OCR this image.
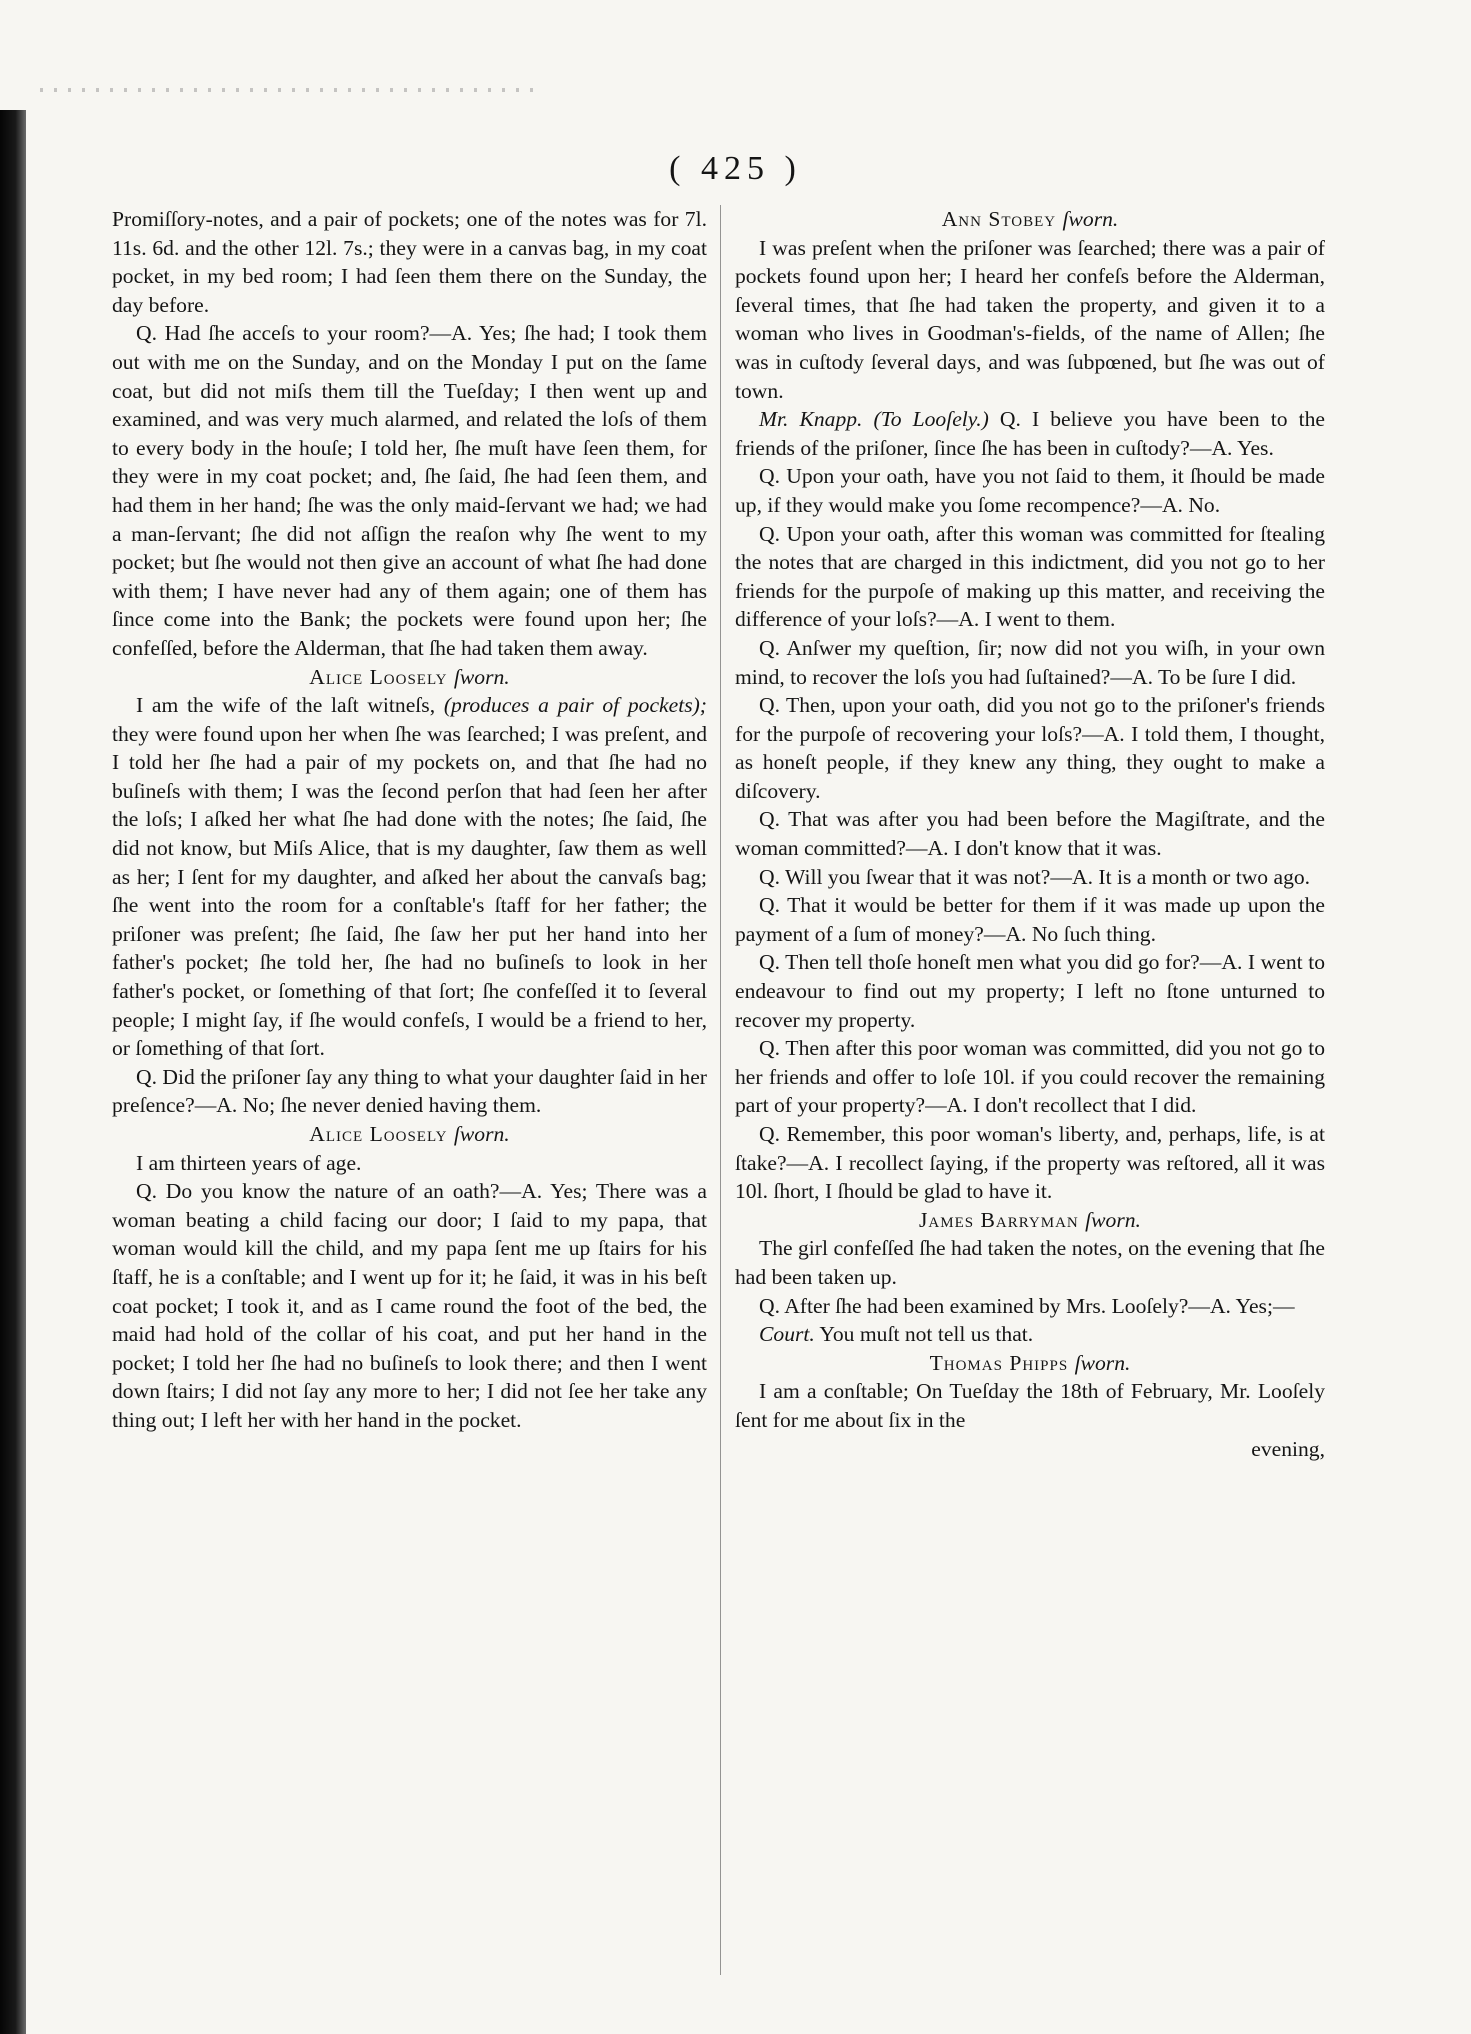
( 425 )

Promiſſory-notes, and a pair of pockets; one of the notes was for 7l. 11s. 6d. and the other 12l. 7s.; they were in a canvas bag, in my coat pocket, in my bed room; I had ſeen them there on the Sunday, the day before.

Q. Had ſhe acceſs to your room?—A. Yes; ſhe had; I took them out with me on the Sunday, and on the Monday I put on the ſame coat, but did not miſs them till the Tueſday; I then went up and examined, and was very much alarmed, and related the loſs of them to every body in the houſe; I told her, ſhe muſt have ſeen them, for they were in my coat pocket; and, ſhe ſaid, ſhe had ſeen them, and had them in her hand; ſhe was the only maid-ſervant we had; we had a man-ſervant; ſhe did not aſſign the reaſon why ſhe went to my pocket; but ſhe would not then give an account of what ſhe had done with them; I have never had any of them again; one of them has ſince come into the Bank; the pockets were found upon her; ſhe confeſſed, before the Alderman, that ſhe had taken them away.

Alice Loosely ſworn.

I am the wife of the laſt witneſs, (produces a pair of pockets); they were found upon her when ſhe was ſearched; I was preſent, and I told her ſhe had a pair of my pockets on, and that ſhe had no buſineſs with them; I was the ſecond perſon that had ſeen her after the loſs; I aſked her what ſhe had done with the notes; ſhe ſaid, ſhe did not know, but Miſs Alice, that is my daughter, ſaw them as well as her; I ſent for my daughter, and aſked her about the canvaſs bag; ſhe went into the room for a conſtable's ſtaff for her father; the priſoner was preſent; ſhe ſaid, ſhe ſaw her put her hand into her father's pocket; ſhe told her, ſhe had no buſineſs to look in her father's pocket, or ſomething of that ſort; ſhe confeſſed it to ſeveral people; I might ſay, if ſhe would confeſs, I would be a friend to her, or ſomething of that ſort.

Q. Did the priſoner ſay any thing to what your daughter ſaid in her preſence?—A. No; ſhe never denied having them.

Alice Loosely ſworn.

I am thirteen years of age.

Q. Do you know the nature of an oath?—A. Yes; There was a woman beating a child facing our door; I ſaid to my papa, that woman would kill the child, and my papa ſent me up ſtairs for his ſtaff, he is a conſtable; and I went up for it; he ſaid, it was in his beſt coat pocket; I took it, and as I came round the foot of the bed, the maid had hold of the collar of his coat, and put her hand in the pocket; I told her ſhe had no buſineſs to look there; and then I went down ſtairs; I did not ſay any more to her; I did not ſee her take any thing out; I left her with her hand in the pocket.

Ann Stobey ſworn.

I was preſent when the priſoner was ſearched; there was a pair of pockets found upon her; I heard her confeſs before the Alderman, ſeveral times, that ſhe had taken the property, and given it to a woman who lives in Goodman's-fields, of the name of Allen; ſhe was in cuſtody ſeveral days, and was ſubpœned, but ſhe was out of town.

Mr. Knapp. (To Looſely.) Q. I believe you have been to the friends of the priſoner, ſince ſhe has been in cuſtody?—A. Yes.

Q. Upon your oath, have you not ſaid to them, it ſhould be made up, if they would make you ſome recompence?—A. No.

Q. Upon your oath, after this woman was committed for ſtealing the notes that are charged in this indictment, did you not go to her friends for the purpoſe of making up this matter, and receiving the difference of your loſs?—A. I went to them.

Q. Anſwer my queſtion, ſir; now did not you wiſh, in your own mind, to recover the loſs you had ſuſtained?—A. To be ſure I did.

Q. Then, upon your oath, did you not go to the priſoner's friends for the purpoſe of recovering your loſs?—A. I told them, I thought, as honeſt people, if they knew any thing, they ought to make a diſcovery.

Q. That was after you had been before the Magiſtrate, and the woman committed?—A. I don't know that it was.

Q. Will you ſwear that it was not?—A. It is a month or two ago.

Q. That it would be better for them if it was made up upon the payment of a ſum of money?—A. No ſuch thing.

Q. Then tell thoſe honeſt men what you did go for?—A. I went to endeavour to find out my property; I left no ſtone unturned to recover my property.

Q. Then after this poor woman was committed, did you not go to her friends and offer to loſe 10l. if you could recover the remaining part of your property?—A. I don't recollect that I did.

Q. Remember, this poor woman's liberty, and, perhaps, life, is at ſtake?—A. I recollect ſaying, if the property was reſtored, all it was 10l. ſhort, I ſhould be glad to have it.

James Barryman ſworn.

The girl confeſſed ſhe had taken the notes, on the evening that ſhe had been taken up.

Q. After ſhe had been examined by Mrs. Looſely?—A. Yes;—

Court. You muſt not tell us that.

Thomas Phipps ſworn.

I am a conſtable; On Tueſday the 18th of February, Mr. Looſely ſent for me about ſix in the

evening,
